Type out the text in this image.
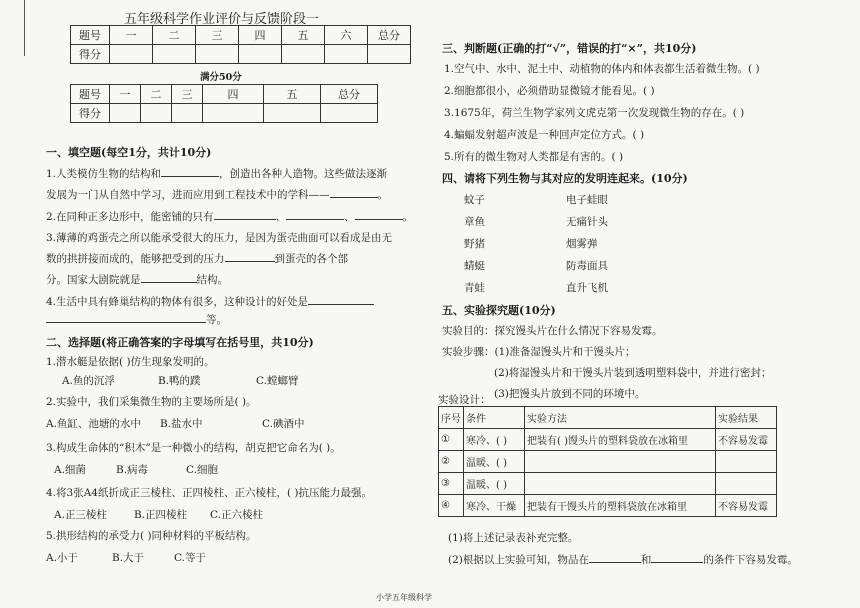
五年级科学作业评价与反馈阶段一
题号	一	二	三	四	五	六	总分
得分							
满分50分
题号	一	二	三	四	五	总分
得分						
一、填空题(每空1分，共计10分)
1.人类模仿生物的结构和	，创造出各种人造物。这些做法逐渐
发展为一门从自然中学习，进而应用到工程技术中的学科——	。
2.在同种正多边形中，能密铺的只有	、	、	。
3.薄薄的鸡蛋壳之所以能承受很大的压力，是因为蛋壳曲面可以看成是由无
数的拱拼接而成的，能够把受到的压力	到蛋壳的各个部
分。国家大剧院就是	结构。
4.生活中具有蜂巢结构的物体有很多，这种设计的好处是
等。
二、选择题(将正确答案的字母填写在括号里，共10分)
1.潜水艇是依据( )仿生现象发明的。
A.鱼的沉浮	B.鸭的蹼	C.螳螂臂
2.实验中，我们采集微生物的主要场所是( )。
A.鱼缸、池塘的水中 B.盐水中	C.碘酒中
3.构成生命体的“积木”是一种微小的结构，胡克把它命名为( )。
A.细菌	B.病毒	C.细胞
4.将3张A4纸折成正三棱柱、正四棱柱、正六棱柱，( )抗压能力最强。
A.正三棱柱	B.正四棱柱 C.正六棱柱
5.拱形结构的承受力( )同种材料的平板结构。
A.小于	B.大于	C.等于
三、判断题(正确的打“√”，错误的打“×”，共10分)
1.空气中、水中、泥土中、动植物的体内和体表都生活着微生物。( )
2.细胞都很小，必须借助显微镜才能看见。( )
3.1675年，荷兰生物学家列文虎克第一次发现微生物的存在。( )
4.蝙蝠发射超声波是一种回声定位方式。( )
5.所有的微生物对人类都是有害的。( )
四、请将下列生物与其对应的发明连起来。(10分)
蚊子
章鱼
野猪
蜻蜓
青蛙
电子蛙眼
无痛针头
烟雾弹
防毒面具
直升飞机
五、实验探究题(10分)
实验目的：探究馒头片在什么情况下容易发霉。
实验步骤：(1)准备湿馒头片和干馒头片；
(2)将湿馒头片和干馒头片装到透明塑料袋中，并进行密封；
(3)把馒头片放到不同的环境中。
实验设计：
序号	条件	实验方法	实验结果
①	寒冷、( )	把装有( )馒头片的塑料袋放在冰箱里	不容易发霉
②	温暖、( )		
③	温暖、( )		
④	寒冷、干燥	把装有干馒头片的塑料袋放在冰箱里	不容易发霉
(1)将上述记录表补充完整。
(2)根据以上实验可知，物品在	和	的条件下容易发霉。
小学五年级科学
